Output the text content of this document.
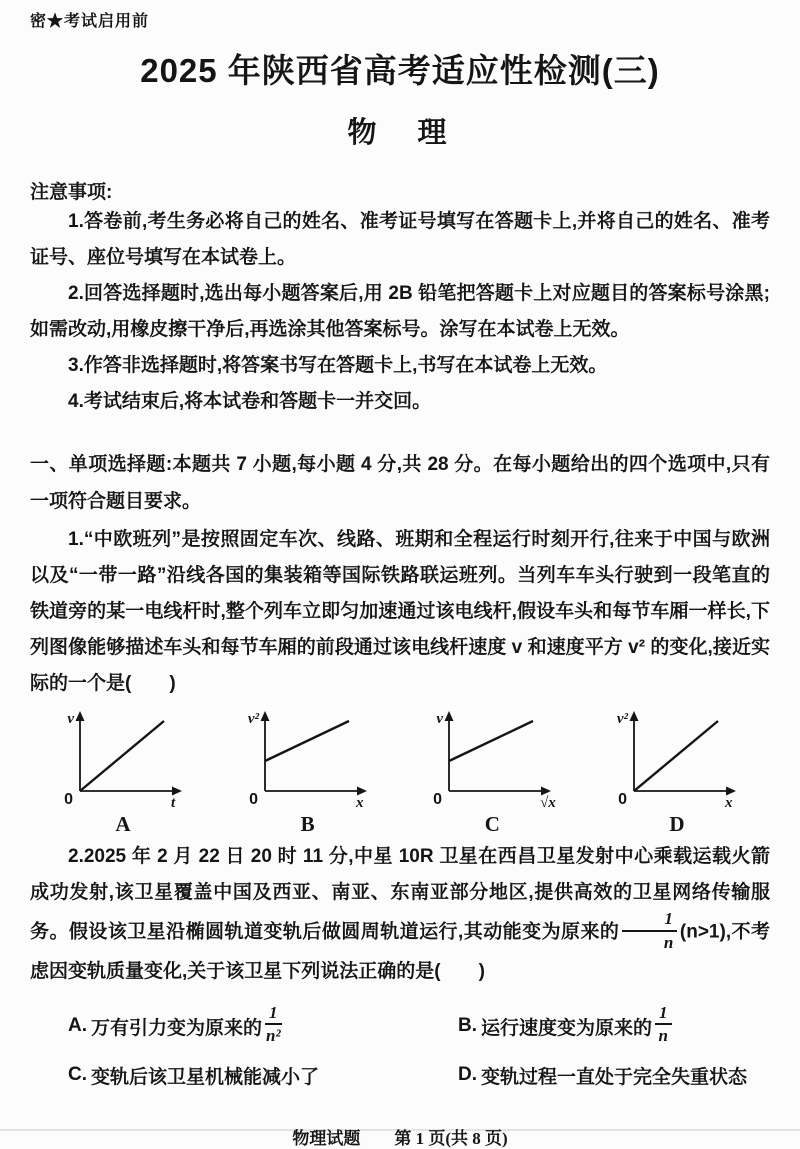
密★考试启用前
2025 年陕西省高考适应性检测(三)
物　理
注意事项:

1.答卷前,考生务必将自己的姓名、准考证号填写在答题卡上,并将自己的姓名、准考证号、座位号填写在本试卷上。

2.回答选择题时,选出每小题答案后,用 2B 铅笔把答题卡上对应题目的答案标号涂黑;如需改动,用橡皮擦干净后,再选涂其他答案标号。涂写在本试卷上无效。

3.作答非选择题时,将答案书写在答题卡上,书写在本试卷上无效。

4.考试结束后,将本试卷和答题卡一并交回。

一、单项选择题:本题共 7 小题,每小题 4 分,共 28 分。在每小题给出的四个选项中,只有一项符合题目要求。

1.“中欧班列”是按照固定车次、线路、班期和全程运行时刻开行,往来于中国与欧洲以及“一带一路”沿线各国的集装箱等国际铁路联运班列。当列车车头行驶到一段笔直的铁道旁的某一电线杆时,整个列车立即匀加速通过该电线杆,假设车头和每节车厢一样长,下列图像能够描述车头和每节车厢的前段通过该电线杆速度 v 和速度平方 v² 的变化,接近实际的一个是(　　)

v
t
0
A
v²
x
0
B
v
√x
0
C
v²
x
0
D

2.2025 年 2 月 22 日 20 时 11 分,中星 10R 卫星在西昌卫星发射中心乘载运载火箭成功发射,该卫星覆盖中国及西亚、南亚、东南亚部分地区,提供高效的卫星网络传输服务。假设该卫星沿椭圆轨道变轨后做圆周轨道运行,其动能变为原来的 $\frac{1}{n} (n>1)$,不考虑因变轨质量变化,关于该卫星下列说法正确的是(　　)

A. 万有引力变为原来的 $\frac{1}{\text{n²}}$	B. 运行速度变为原来的 $\frac{1}{n}$
C. 变轨后该卫星机械能减小了	D. 变轨过程一直处于完全失重状态
物理试题　　第 1 页(共 8 页)
